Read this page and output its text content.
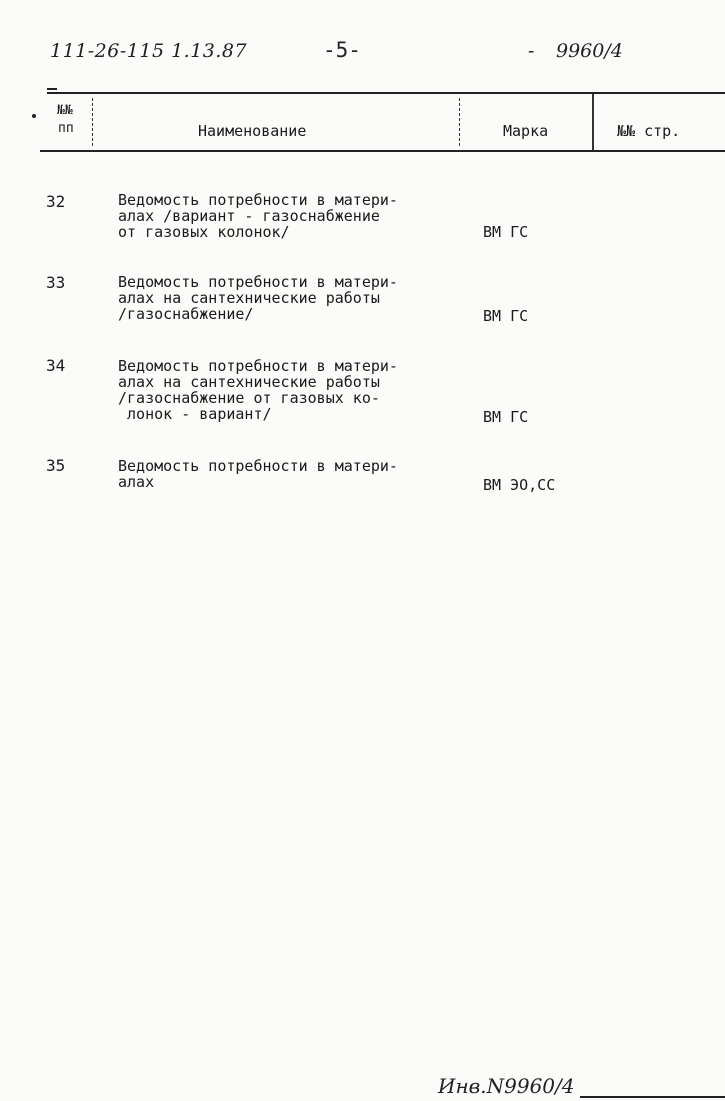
111-26-115 1.13.87	-5-	- 9960/4
№№
пп	Наименование	Марка	№№ стр.
32	Ведомость потребности в матери-
алах /вариант - газоснабжение
от газовых колонок/	ВМ ГС
33	Ведомость потребности в матери-
алах на сантехнические работы
/газоснабжение/	ВМ ГС
34	Ведомость потребности в матери-
алах на сантехнические работы
/газоснабжение от газовых ко-
лонок - вариант/	ВМ ГС
35	Ведомость потребности в матери-
алах	ВМ ЭО,СС
Инв.N9960/4
